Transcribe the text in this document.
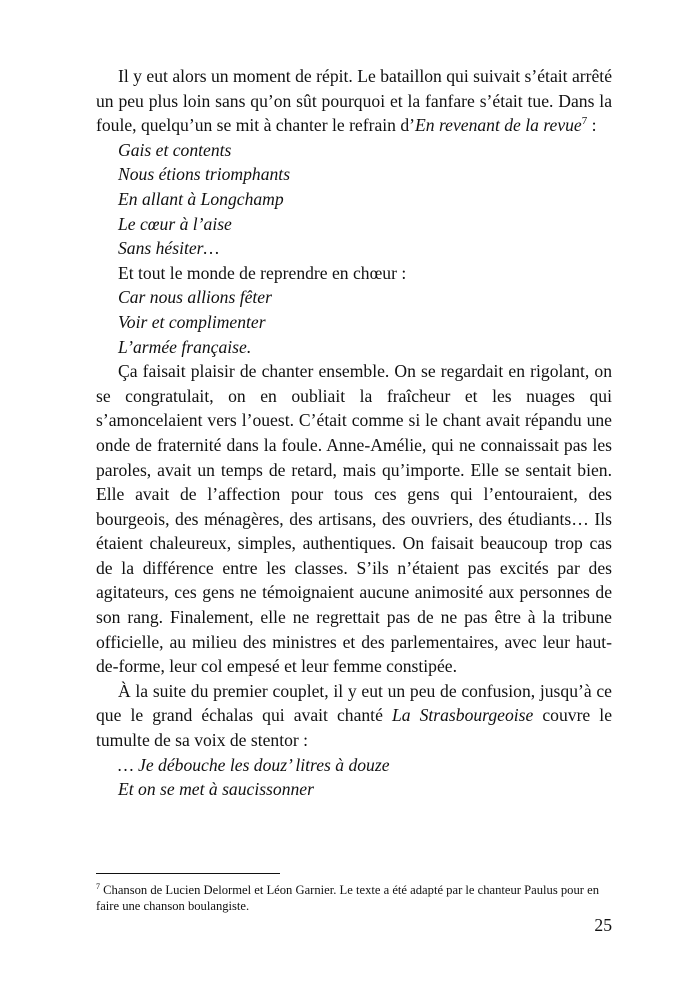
Il y eut alors un moment de répit. Le bataillon qui suivait s’était arrêté un peu plus loin sans qu’on sût pourquoi et la fanfare s’était tue. Dans la foule, quelqu’un se mit à chanter le refrain d’En revenant de la revue$^7$ :

Gais et contents
Nous étions triomphants
En allant à Longchamp
Le cœur à l’aise
Sans hésiter…
Et tout le monde de reprendre en chœur :
Car nous allions fêter
Voir et complimenter
L’armée française.

Ça faisait plaisir de chanter ensemble. On se regardait en rigolant, on se congratulait, on en oubliait la fraîcheur et les nuages qui s’amoncelaient vers l’ouest. C’était comme si le chant avait répandu une onde de fraternité dans la foule. Anne-Amélie, qui ne connaissait pas les paroles, avait un temps de retard, mais qu’importe. Elle se sentait bien. Elle avait de l’affection pour tous ces gens qui l’entouraient, des bourgeois, des ménagères, des artisans, des ouvriers, des étudiants… Ils étaient chaleureux, simples, authentiques. On faisait beaucoup trop cas de la différence entre les classes. S’ils n’étaient pas excités par des agitateurs, ces gens ne témoignaient aucune animosité aux personnes de son rang. Finalement, elle ne regrettait pas de ne pas être à la tribune officielle, au milieu des ministres et des parlementaires, avec leur haut-de-forme, leur col empesé et leur femme constipée.

À la suite du premier couplet, il y eut un peu de confusion, jusqu’à ce que le grand échalas qui avait chanté La Strasbourgeoise couvre le tumulte de sa voix de stentor :

… Je débouche les douz’ litres à douze
Et on se met à saucissonner
$^7$ Chanson de Lucien Delormel et Léon Garnier. Le texte a été adapté par le chanteur Paulus pour en faire une chanson boulangiste.
25
